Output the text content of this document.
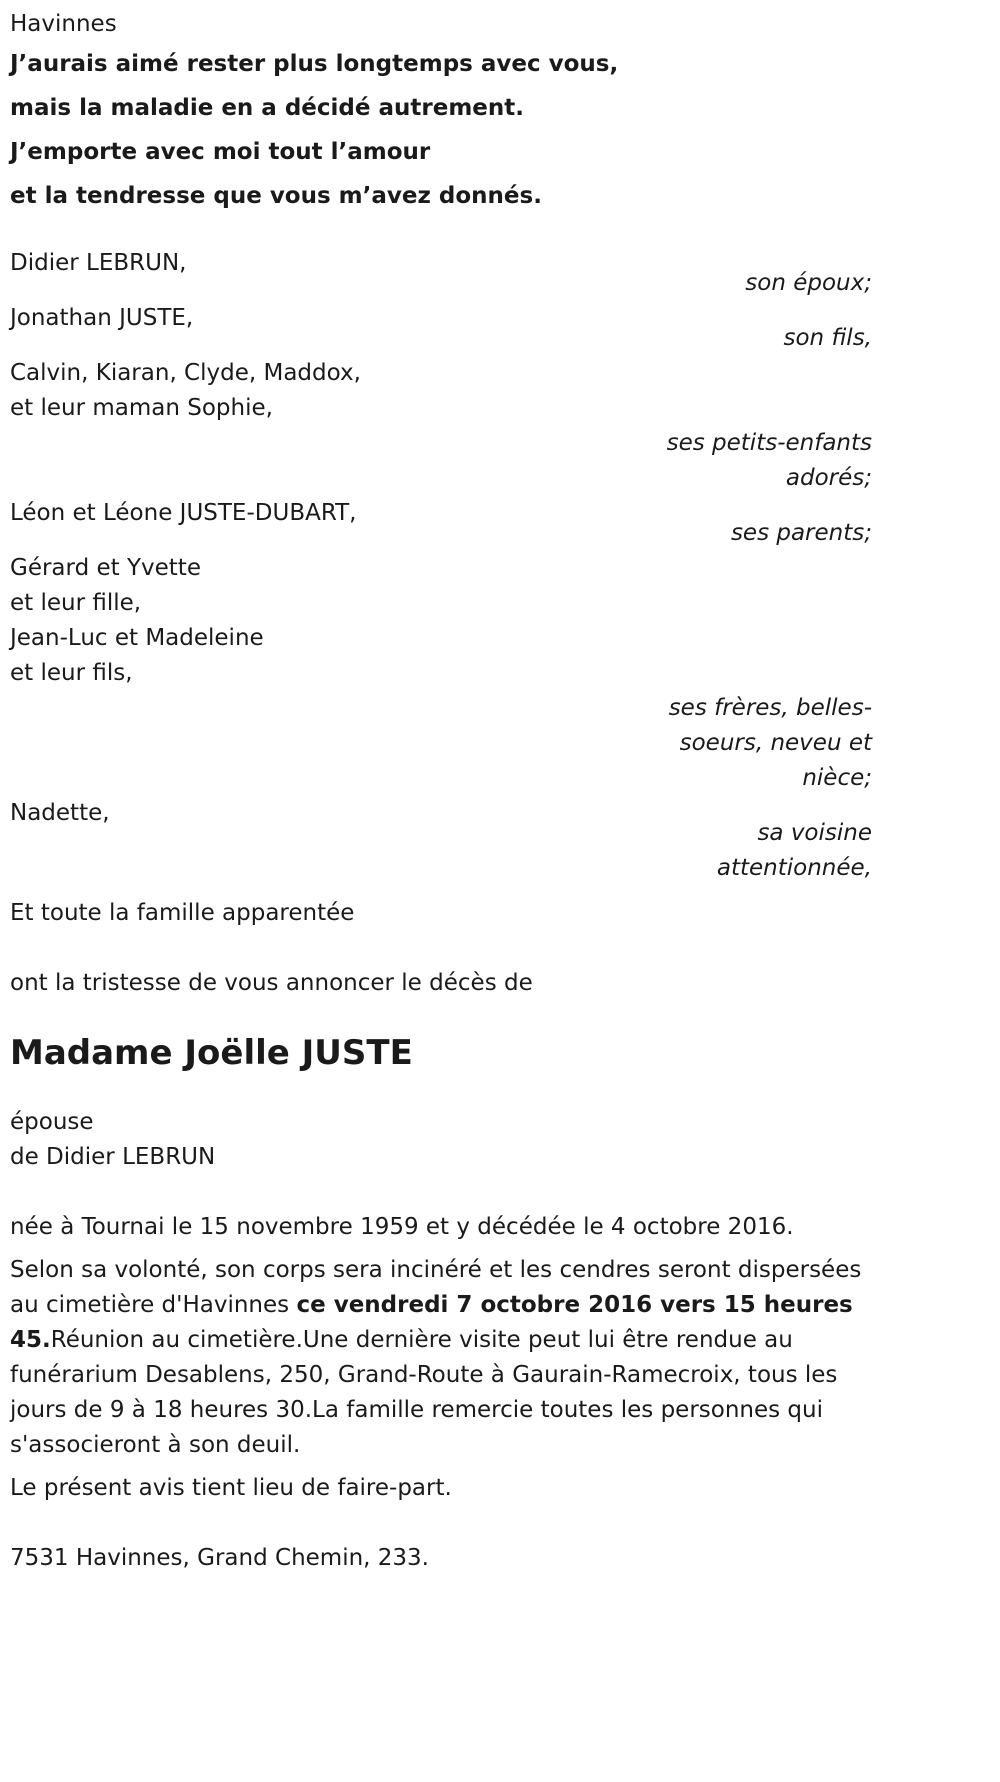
Havinnes
J’aurais aimé rester plus longtemps avec vous,
mais la maladie en a décidé autrement.
J’emporte avec moi tout l’amour
et la tendresse que vous m’avez donnés.
Didier LEBRUN,
son époux;
Jonathan JUSTE,
son fils,
Calvin, Kiaran, Clyde, Maddox,
et leur maman Sophie,
ses petits-enfants
adorés;
Léon et Léone JUSTE-DUBART,
ses parents;
Gérard et Yvette
et leur fille,
Jean-Luc et Madeleine
et leur fils,
ses frères, belles-
soeurs, neveu et
nièce;
Nadette,
sa voisine
attentionnée,
Et toute la famille apparentée
ont la tristesse de vous annoncer le décès de
Madame Joëlle JUSTE
épouse
de Didier LEBRUN
née à Tournai le 15 novembre 1959 et y décédée le 4 octobre 2016.

Selon sa volonté, son corps sera incinéré et les cendres seront dispersées au cimetière d'Havinnes ce vendredi 7 octobre 2016 vers 15 heures 45.Réunion au cimetière.Une dernière visite peut lui être rendue au funérarium Desablens, 250, Grand-Route à Gaurain-Ramecroix, tous les jours de 9 à 18 heures 30.La famille remercie toutes les personnes qui s'associeront à son deuil.

Le présent avis tient lieu de faire-part.
7531 Havinnes, Grand Chemin, 233.
